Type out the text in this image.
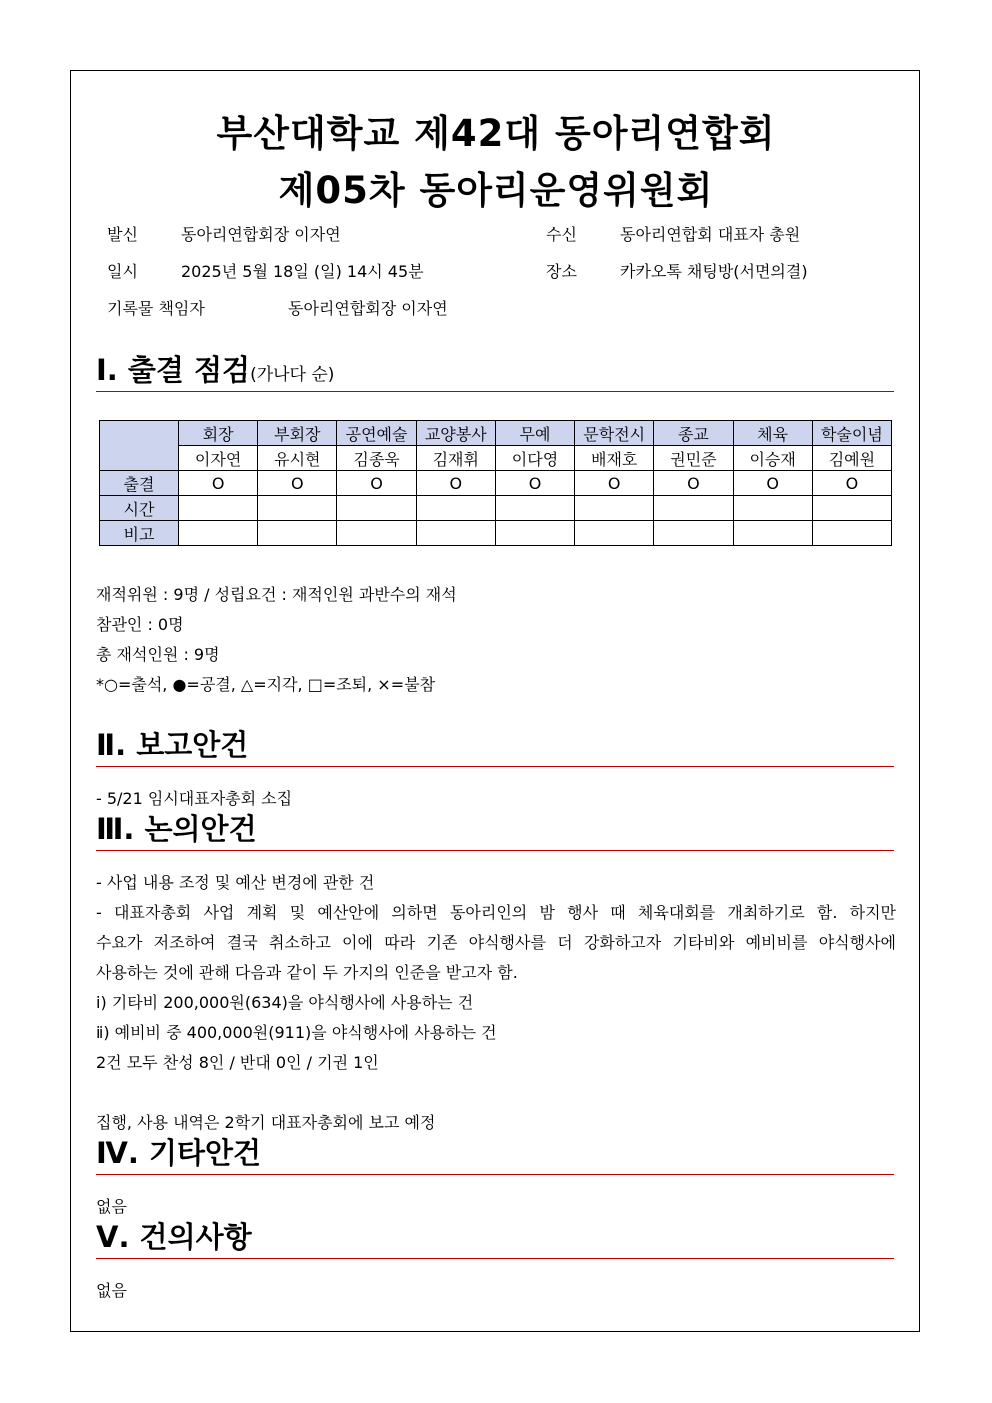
부산대학교 제42대 동아리연합회
제05차 동아리운영위원회
발신	동아리연합회장 이자연	수신	동아리연합회 대표자 총원
일시	2025년 5월 18일 (일) 14시 45분	장소	카카오톡 채팅방(서면의결)
기록물 책임자	동아리연합회장 이자연
Ⅰ. 출결 점검(가나다 순)
	회장	부회장	공연예술	교양봉사	무예	문학전시	종교	체육	학술이념
	이자연	유시현	김종욱	김재휘	이다영	배재호	권민준	이승재	김예원
출결	O	O	O	O	O	O	O	O	O
시간									
비고									
재적위원 : 9명 / 성립요건 : 재적인원 과반수의 재석
참관인 : 0명
총 재석인원 : 9명
*○=출석, ●=공결, △=지각, □=조퇴, ×=불참
Ⅱ. 보고안건
- 5/21 임시대표자총회 소집
Ⅲ. 논의안건
- 사업 내용 조정 및 예산 변경에 관한 건
- 대표자총회 사업 계획 및 예산안에 의하면 동아리인의 밤 행사 때 체육대회를 개최하기로 함. 하지만
수요가 저조하여 결국 취소하고 이에 따라 기존 야식행사를 더 강화하고자 기타비와 예비비를 야식행사에
사용하는 것에 관해 다음과 같이 두 가지의 인준을 받고자 함.
ⅰ) 기타비 200,000원(634)을 야식행사에 사용하는 건
ⅱ) 예비비 중 400,000원(911)을 야식행사에 사용하는 건
2건 모두 찬성 8인 / 반대 0인 / 기권 1인
집행, 사용 내역은 2학기 대표자총회에 보고 예정
Ⅳ. 기타안건
없음
Ⅴ. 건의사항
없음
